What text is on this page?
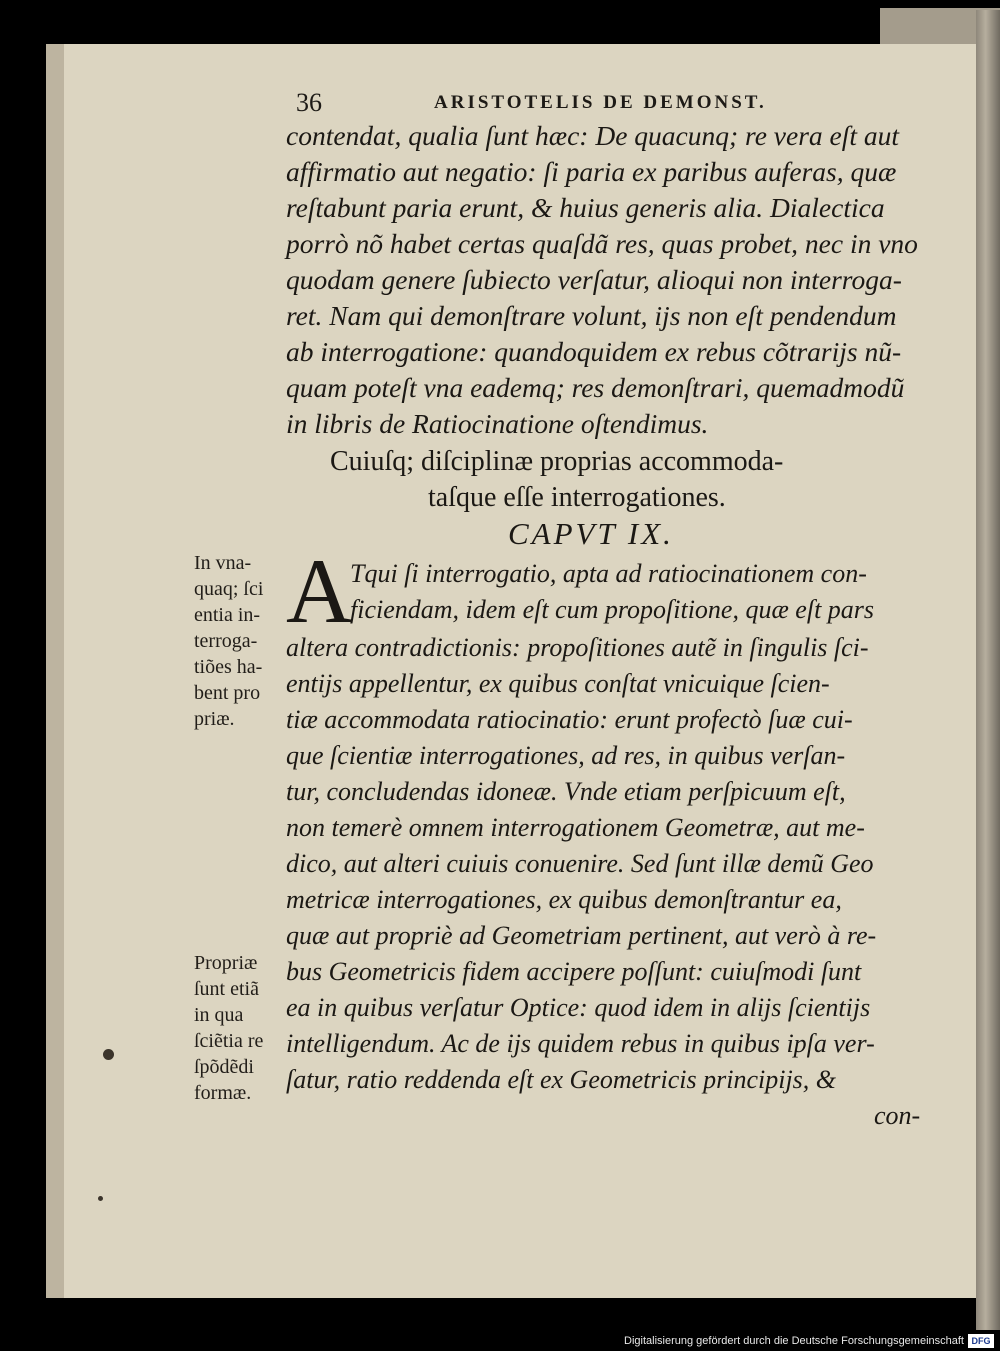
36	ARISTOTELIS DE DEMONST.
contendat, qualia ſunt hæc: De quacunq; re vera eſt aut
affirmatio aut negatio: ſi paria ex paribus auferas, quæ
reſtabunt paria erunt, & huius generis alia. Dialectica
porrò nõ habet certas quaſdã res, quas probet, nec in vno
quodam genere ſubiecto verſatur, alioqui non interroga-
ret. Nam qui demonſtrare volunt, ijs non eſt pendendum
ab interrogatione: quandoquidem ex rebus cõtrarijs nũ-
quam poteſt vna eademq; res demonſtrari, quemadmodũ
in libris de Ratiocinatione oſtendimus.
Cuiuſq; diſciplinæ proprias accommoda-
taſque eſſe interrogationes.
CAPVT IX.
A
Tqui ſi interrogatio, apta ad ratiocinationem con-
ficiendam, idem eſt cum propoſitione, quæ eſt pars
altera contradictionis: propoſitiones autẽ in ſingulis ſci-
entijs appellentur, ex quibus conſtat vnicuique ſcien-
tiæ accommodata ratiocinatio: erunt profectò ſuæ cui-
que ſcientiæ interrogationes, ad res, in quibus verſan-
tur, concludendas idoneæ. Vnde etiam perſpicuum eſt,
non temerè omnem interrogationem Geometræ, aut me-
dico, aut alteri cuiuis conuenire. Sed ſunt illæ demũ Geo
metricæ interrogationes, ex quibus demonſtrantur ea,
quæ aut propriè ad Geometriam pertinent, aut verò à re-
bus Geometricis fidem accipere poſſunt: cuiuſmodi ſunt
ea in quibus verſatur Optice: quod idem in alijs ſcientijs
intelligendum. Ac de ijs quidem rebus in quibus ipſa ver-
ſatur, ratio reddenda eſt ex Geometricis principijs, &
con-
In vna-
quaq; ſci
entia in-
terroga-
tiões ha-
bent pro
priæ.
Propriæ
ſunt etiã
in qua
ſciẽtia re
ſpõdẽdi
formæ.
Digitalisierung gefördert durch die Deutsche Forschungsgemeinschaft DFG
